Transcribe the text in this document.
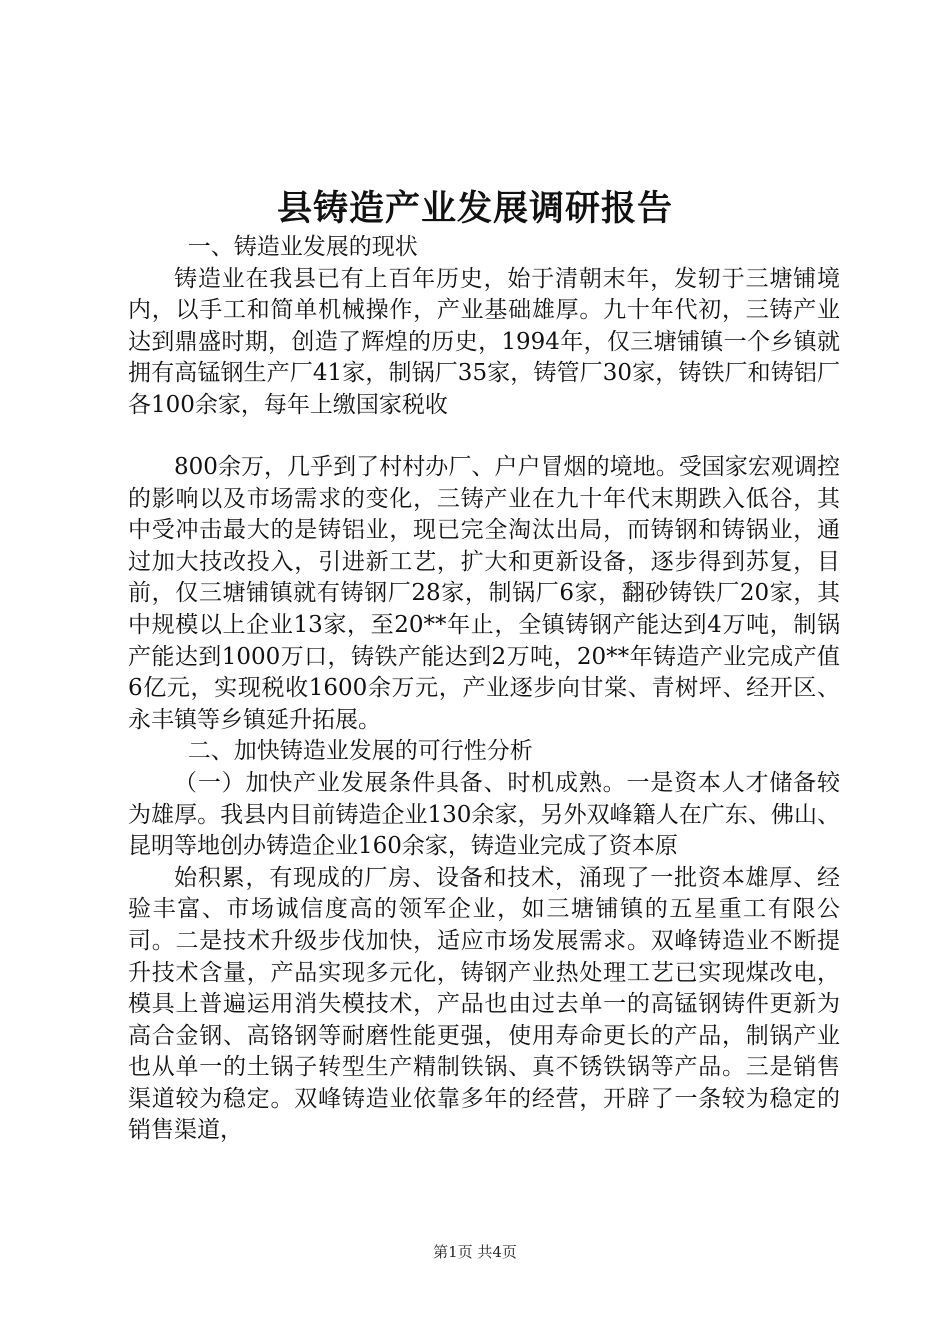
县铸造产业发展调研报告

一、铸造业发展的现状

铸造业在我县已有上百年历史，始于清朝末年，发轫于三塘铺境内，以手工和简单机械操作，产业基础雄厚。九十年代初，三铸产业达到鼎盛时期，创造了辉煌的历史，1994年，仅三塘铺镇一个乡镇就拥有高锰钢生产厂41家，制锅厂35家，铸管厂30家，铸铁厂和铸铝厂各100余家，每年上缴国家税收

800余万，几乎到了村村办厂、户户冒烟的境地。受国家宏观调控的影响以及市场需求的变化，三铸产业在九十年代末期跌入低谷，其中受冲击最大的是铸铝业，现已完全淘汰出局，而铸钢和铸锅业，通过加大技改投入，引进新工艺，扩大和更新设备，逐步得到苏复，目前，仅三塘铺镇就有铸钢厂28家，制锅厂6家，翻砂铸铁厂20家，其中规模以上企业13家，至20**年止，全镇铸钢产能达到4万吨，制锅产能达到1000万口，铸铁产能达到2万吨，20**年铸造产业完成产值6亿元，实现税收1600余万元，产业逐步向甘棠、青树坪、经开区、永丰镇等乡镇延升拓展。

二、加快铸造业发展的可行性分析

（一）加快产业发展条件具备、时机成熟。一是资本人才储备较为雄厚。我县内目前铸造企业130余家，另外双峰籍人在广东、佛山、昆明等地创办铸造企业160余家，铸造业完成了资本原

始积累，有现成的厂房、设备和技术，涌现了一批资本雄厚、经验丰富、市场诚信度高的领军企业，如三塘铺镇的五星重工有限公司。二是技术升级步伐加快，适应市场发展需求。双峰铸造业不断提升技术含量，产品实现多元化，铸钢产业热处理工艺已实现煤改电，模具上普遍运用消失模技术，产品也由过去单一的高锰钢铸件更新为高合金钢、高铬钢等耐磨性能更强，使用寿命更长的产品，制锅产业也从单一的土锅子转型生产精制铁锅、真不锈铁锅等产品。三是销售渠道较为稳定。双峰铸造业依靠多年的经营，开辟了一条较为稳定的销售渠道，

第1页 共4页
